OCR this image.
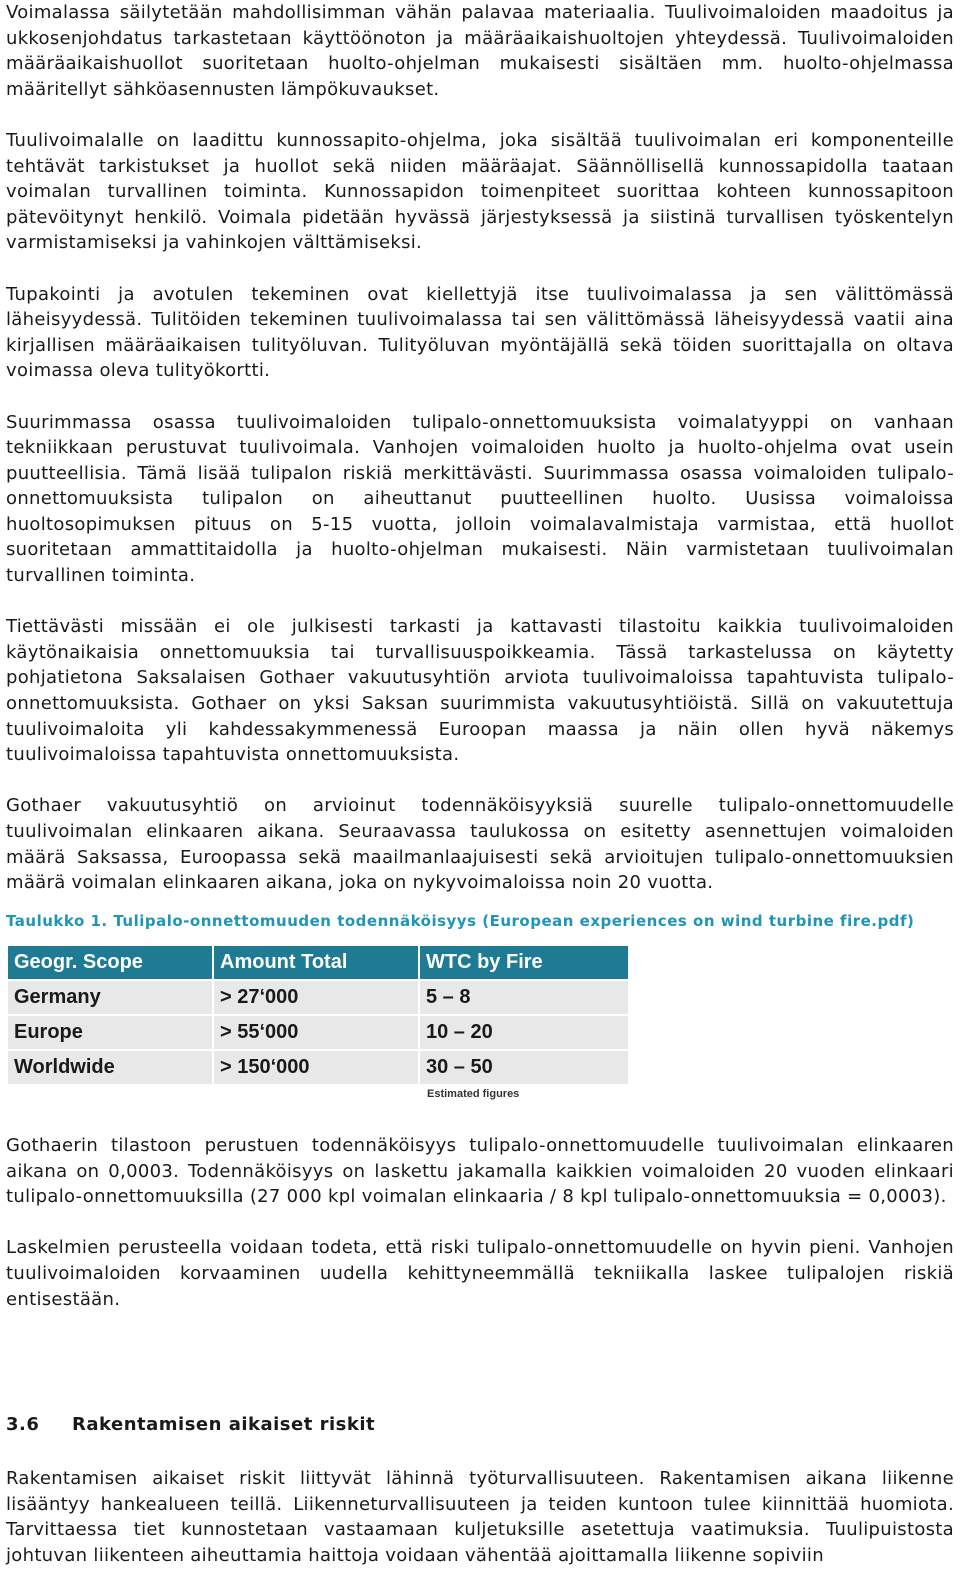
Voimalassa säilytetään mahdollisimman vähän palavaa materiaalia. Tuulivoimaloiden maadoitus ja ukkosenjohdatus tarkastetaan käyttöönoton ja määräaikaishuoltojen yhteydessä. Tuulivoimaloiden määräaikaishuollot suoritetaan huolto-ohjelman mukaisesti sisältäen mm. huolto-ohjelmassa määritellyt sähköasennusten lämpökuvaukset.

Tuulivoimalalle on laadittu kunnossapito-ohjelma, joka sisältää tuulivoimalan eri komponenteille tehtävät tarkistukset ja huollot sekä niiden määräajat. Säännöllisellä kunnossapidolla taataan voimalan turvallinen toiminta. Kunnossapidon toimenpiteet suorittaa kohteen kunnossapitoon pätevöitynyt henkilö. Voimala pidetään hyvässä järjestyksessä ja siistinä turvallisen työskentelyn varmistamiseksi ja vahinkojen välttämiseksi.

Tupakointi ja avotulen tekeminen ovat kiellettyjä itse tuulivoimalassa ja sen välittömässä läheisyydessä. Tulitöiden tekeminen tuulivoimalassa tai sen välittömässä läheisyydessä vaatii aina kirjallisen määräaikaisen tulityöluvan. Tulityöluvan myöntäjällä sekä töiden suorittajalla on oltava voimassa oleva tulityökortti.

Suurimmassa osassa tuulivoimaloiden tulipalo-onnettomuuksista voimalatyyppi on vanhaan tekniikkaan perustuvat tuulivoimala. Vanhojen voimaloiden huolto ja huolto-ohjelma ovat usein puutteellisia. Tämä lisää tulipalon riskiä merkittävästi. Suurimmassa osassa voimaloiden tulipalo-onnettomuuksista tulipalon on aiheuttanut puutteellinen huolto. Uusissa voimaloissa huoltosopimuksen pituus on 5-15 vuotta, jolloin voimalavalmistaja varmistaa, että huollot suoritetaan ammattitaidolla ja huolto-ohjelman mukaisesti. Näin varmistetaan tuulivoimalan turvallinen toiminta.

Tiettävästi missään ei ole julkisesti tarkasti ja kattavasti tilastoitu kaikkia tuulivoimaloiden käytönaikaisia onnettomuuksia tai turvallisuuspoikkeamia. Tässä tarkastelussa on käytetty pohjatietona Saksalaisen Gothaer vakuutusyhtiön arviota tuulivoimaloissa tapahtuvista tulipalo-onnettomuuksista. Gothaer on yksi Saksan suurimmista vakuutusyhtiöistä. Sillä on vakuutettuja tuulivoimaloita yli kahdessakymmenessä Euroopan maassa ja näin ollen hyvä näkemys tuulivoimaloissa tapahtuvista onnettomuuksista.

Gothaer vakuutusyhtiö on arvioinut todennäköisyyksiä suurelle tulipalo-onnettomuudelle tuulivoimalan elinkaaren aikana. Seuraavassa taulukossa on esitetty asennettujen voimaloiden määrä Saksassa, Euroopassa sekä maailmanlaajuisesti sekä arvioitujen tulipalo-onnettomuuksien määrä voimalan elinkaaren aikana, joka on nykyvoimaloissa noin 20 vuotta.

Taulukko 1. Tulipalo-onnettomuuden todennäköisyys (European experiences on wind turbine fire.pdf)
Geogr. Scope	Amount Total	WTC by Fire
Germany	> 27‘000	5 – 8
Europe	> 55‘000	10 – 20
Worldwide	> 150‘000	30 – 50
Estimated figures

Gothaerin tilastoon perustuen todennäköisyys tulipalo-onnettomuudelle tuulivoimalan elinkaaren aikana on 0,0003. Todennäköisyys on laskettu jakamalla kaikkien voimaloiden 20 vuoden elinkaari tulipalo-onnettomuuksilla (27 000 kpl voimalan elinkaaria / 8 kpl tulipalo-onnettomuuksia = 0,0003).

Laskelmien perusteella voidaan todeta, että riski tulipalo-onnettomuudelle on hyvin pieni. Vanhojen tuulivoimaloiden korvaaminen uudella kehittyneemmällä tekniikalla laskee tulipalojen riskiä entisestään.

3.6 Rakentamisen aikaiset riskit

Rakentamisen aikaiset riskit liittyvät lähinnä työturvallisuuteen. Rakentamisen aikana liikenne lisääntyy hankealueen teillä. Liikenneturvallisuuteen ja teiden kuntoon tulee kiinnittää huomiota. Tarvittaessa tiet kunnostetaan vastaamaan kuljetuksille asetettuja vaatimuksia. Tuulipuistosta johtuvan liikenteen aiheuttamia haittoja voidaan vähentää ajoittamalla liikenne sopiviin
